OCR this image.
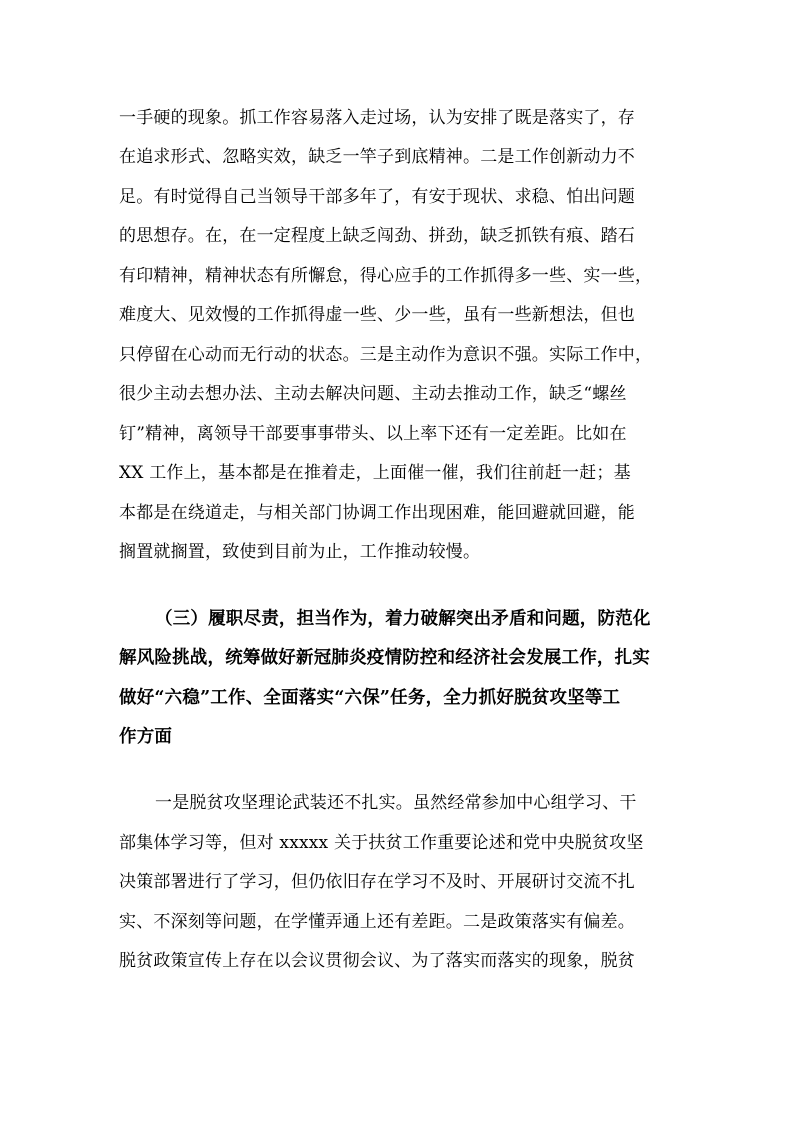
一手硬的现象。抓工作容易落入走过场，认为安排了既是落实了，存
在追求形式、忽略实效，缺乏一竿子到底精神。二是工作创新动力不
足。有时觉得自己当领导干部多年了，有安于现状、求稳、怕出问题
的思想存。在，在一定程度上缺乏闯劲、拼劲，缺乏抓铁有痕、踏石
有印精神，精神状态有所懈怠，得心应手的工作抓得多一些、实一些，
难度大、见效慢的工作抓得虚一些、少一些，虽有一些新想法，但也
只停留在心动而无行动的状态。三是主动作为意识不强。实际工作中，
很少主动去想办法、主动去解决问题、主动去推动工作，缺乏“螺丝
钉”精神，离领导干部要事事带头、以上率下还有一定差距。比如在
XX 工作上，基本都是在推着走，上面催一催，我们往前赶一赶；基
本都是在绕道走，与相关部门协调工作出现困难，能回避就回避，能
搁置就搁置，致使到目前为止，工作推动较慢。
（三）履职尽责，担当作为，着力破解突出矛盾和问题，防范化
解风险挑战，统筹做好新冠肺炎疫情防控和经济社会发展工作，扎实
做好“六稳”工作、全面落实“六保”任务，全力抓好脱贫攻坚等工
作方面
一是脱贫攻坚理论武装还不扎实。虽然经常参加中心组学习、干
部集体学习等，但对 xxxxx 关于扶贫工作重要论述和党中央脱贫攻坚
决策部署进行了学习，但仍依旧存在学习不及时、开展研讨交流不扎
实、不深刻等问题，在学懂弄通上还有差距。二是政策落实有偏差。
脱贫政策宣传上存在以会议贯彻会议、为了落实而落实的现象，脱贫
